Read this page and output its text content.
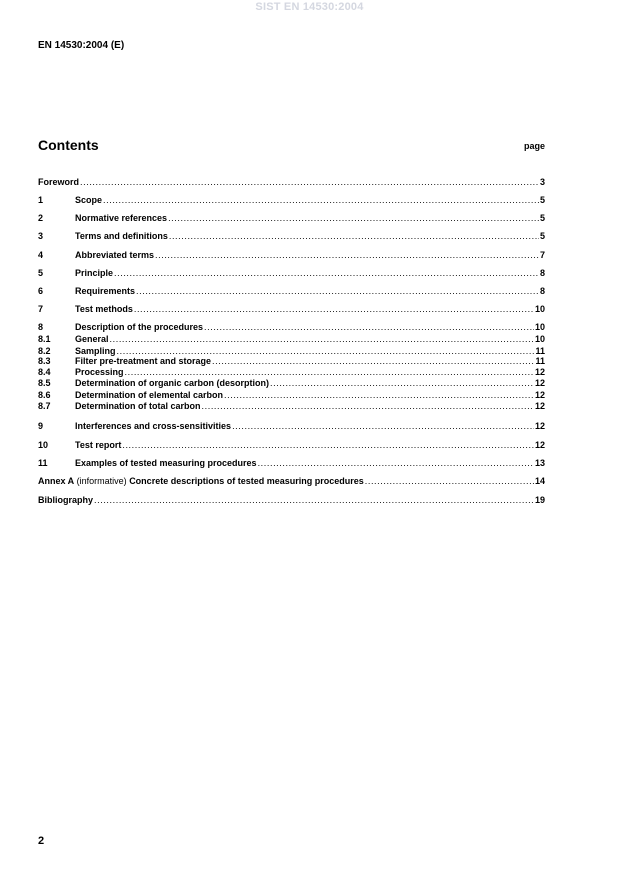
SIST EN 14530:2004
EN 14530:2004 (E)
Contents	page
Foreword .....	3
1	Scope .....	5
2	Normative references .....	5
3	Terms and definitions .....	5
4	Abbreviated terms .....	7
5	Principle .....	8
6	Requirements .....	8
7	Test methods .....	10
8	Description of the procedures .....	10
8.1	General .....	10
8.2	Sampling .....	11
8.3	Filter pre-treatment and storage .....	11
8.4	Processing .....	12
8.5	Determination of organic carbon (desorption) .....	12
8.6	Determination of elemental carbon .....	12
8.7	Determination of total carbon .....	12
9	Interferences and cross-sensitivities .....	12
10	Test report .....	12
11	Examples of tested measuring procedures .....	13
Annex A (informative) Concrete descriptions of tested measuring procedures .....	14
Bibliography .....	19
2
